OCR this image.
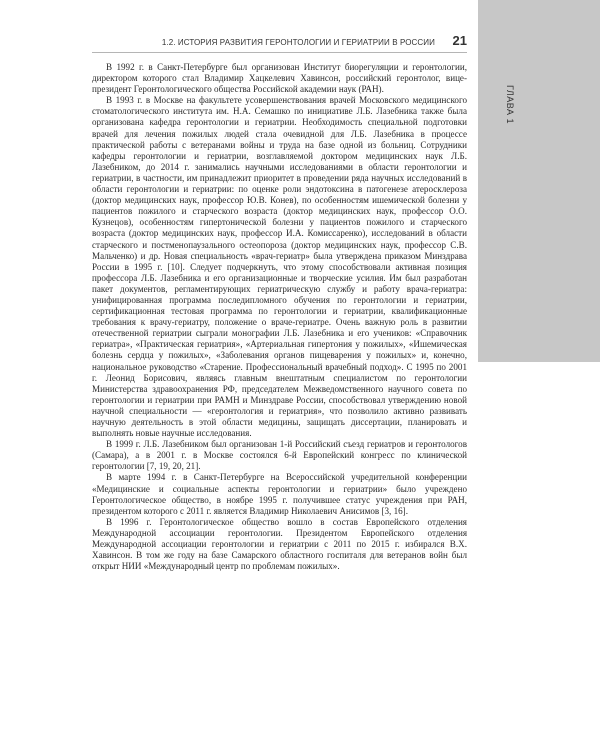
ГЛАВА 1
1.2. ИСТОРИЯ РАЗВИТИЯ ГЕРОНТОЛОГИИ И ГЕРИАТРИИ В РОССИИ 21

В 1992 г. в Санкт-Петербурге был организован Институт биорегуляции и геронтологии, директором которого стал Владимир Хацкелевич Хавинсон, российский геронтолог, вице-президент Геронтологического общества Российской академии наук (РАН).

В 1993 г. в Москве на факультете усовершенствования врачей Московского медицинского стоматологического института им. Н.А. Семашко по инициативе Л.Б. Лазебника также была организована кафедра геронтологии и гериатрии. Необходимость специальной подготовки врачей для лечения пожилых людей стала очевидной для Л.Б. Лазебника в процессе практической работы с ветеранами войны и труда на базе одной из больниц. Сотрудники кафедры геронтологии и гериатрии, возглавляемой доктором медицинских наук Л.Б. Лазебником, до 2014 г. занимались научными исследованиями в области геронтологии и гериатрии, в частности, им принадлежит приоритет в проведении ряда научных исследований в области геронтологии и гериатрии: по оценке роли эндотоксина в патогенезе атеросклероза (доктор медицинских наук, профессор Ю.В. Конев), по особенностям ишемической болезни у пациентов пожилого и старческого возраста (доктор медицинских наук, профессор О.О. Кузнецов), особенностям гипертонической болезни у пациентов пожилого и старческого возраста (доктор медицинских наук, профессор И.А. Комиссаренко), исследований в области старческого и постменопаузального остеопороза (доктор медицинских наук, профессор С.В. Мальченко) и др. Новая специальность «врач-гериатр» была утверждена приказом Минздрава России в 1995 г. [10]. Следует подчеркнуть, что этому способствовали активная позиция профессора Л.Б. Лазебника и его организационные и творческие усилия. Им был разработан пакет документов, регламентирующих гериатрическую службу и работу врача-гериатра: унифицированная программа последипломного обучения по геронтологии и гериатрии, сертификационная тестовая программа по геронтологии и гериатрии, квалификационные требования к врачу-гериатру, положение о враче-гериатре. Очень важную роль в развитии отечественной гериатрии сыграли монографии Л.Б. Лазебника и его учеников: «Справочник гериатра», «Практическая гериатрия», «Артериальная гипертония у пожилых», «Ишемическая болезнь сердца у пожилых», «Заболевания органов пищеварения у пожилых» и, конечно, национальное руководство «Старение. Профессиональный врачебный подход». С 1995 по 2001 г. Леонид Борисович, являясь главным внештатным специалистом по геронтологии Министерства здравоохранения РФ, председателем Межведомственного научного совета по геронтологии и гериатрии при РАМН и Минздраве России, способствовал утверждению новой научной специальности — «геронтология и гериатрия», что позволило активно развивать научную деятельность в этой области медицины, защищать диссертации, планировать и выполнять новые научные исследования.

В 1999 г. Л.Б. Лазебником был организован 1-й Российский съезд гериатров и геронтологов (Самара), а в 2001 г. в Москве состоялся 6-й Европейский конгресс по клинической геронтологии [7, 19, 20, 21].

В марте 1994 г. в Санкт-Петербурге на Всероссийской учредительной конференции «Медицинские и социальные аспекты геронтологии и гериатрии» было учреждено Геронтологическое общество, в ноябре 1995 г. получившее статус учреждения при РАН, президентом которого с 2011 г. является Владимир Николаевич Анисимов [3, 16].

В 1996 г. Геронтологическое общество вошло в состав Европейского отделения Международной ассоциации геронтологии. Президентом Европейского отделения Международной ассоциации геронтологии и гериатрии с 2011 по 2015 г. избирался В.Х. Хавинсон. В том же году на базе Самарского областного госпиталя для ветеранов войн был открыт НИИ «Международный центр по проблемам пожилых».
